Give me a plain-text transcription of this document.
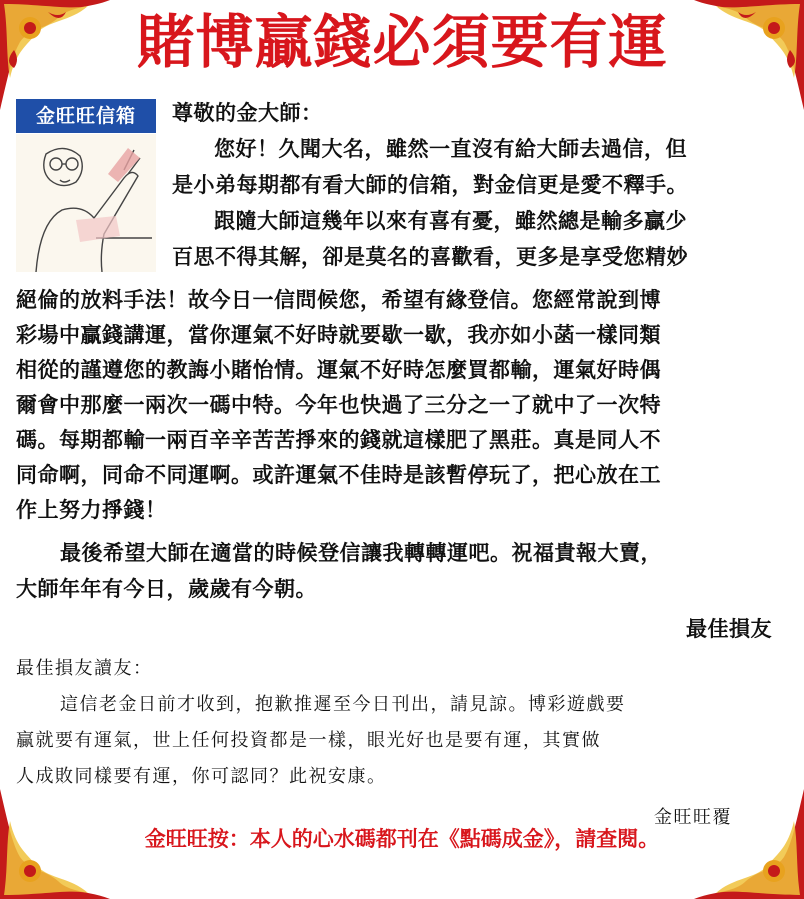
賭博贏錢必須要有運
金旺旺信箱	尊敬的金大師：
您好！久聞大名，雖然一直沒有給大師去過信，但
是小弟每期都有看大師的信箱，對金信更是愛不釋手。
跟隨大師這幾年以來有喜有憂，雖然總是輸多贏少
百思不得其解，卻是莫名的喜歡看，更多是享受您精妙
絕倫的放料手法！故今日一信問候您，希望有緣登信。您經常說到博
彩場中贏錢講運，當你運氣不好時就要歇一歇，我亦如小菡一樣同類
相從的謹遵您的教誨小賭怡情。運氣不好時怎麼買都輸，運氣好時偶
爾會中那麼一兩次一碼中特。今年也快過了三分之一了就中了一次特
碼。每期都輸一兩百辛辛苦苦掙來的錢就這樣肥了黑莊。真是同人不
同命啊，同命不同運啊。或許運氣不佳時是該暫停玩了，把心放在工
作上努力掙錢！
最後希望大師在適當的時候登信讓我轉轉運吧。祝福貴報大賣，
大師年年有今日，歲歲有今朝。
最佳損友
最佳損友讀友：
這信老金日前才收到，抱歉推遲至今日刊出，請見諒。博彩遊戲要
贏就要有運氣，世上任何投資都是一樣，眼光好也是要有運，其實做
人成敗同樣要有運，你可認同？此祝安康。
金旺旺覆
金旺旺按：本人的心水碼都刊在《點碼成金》，請查閱。
